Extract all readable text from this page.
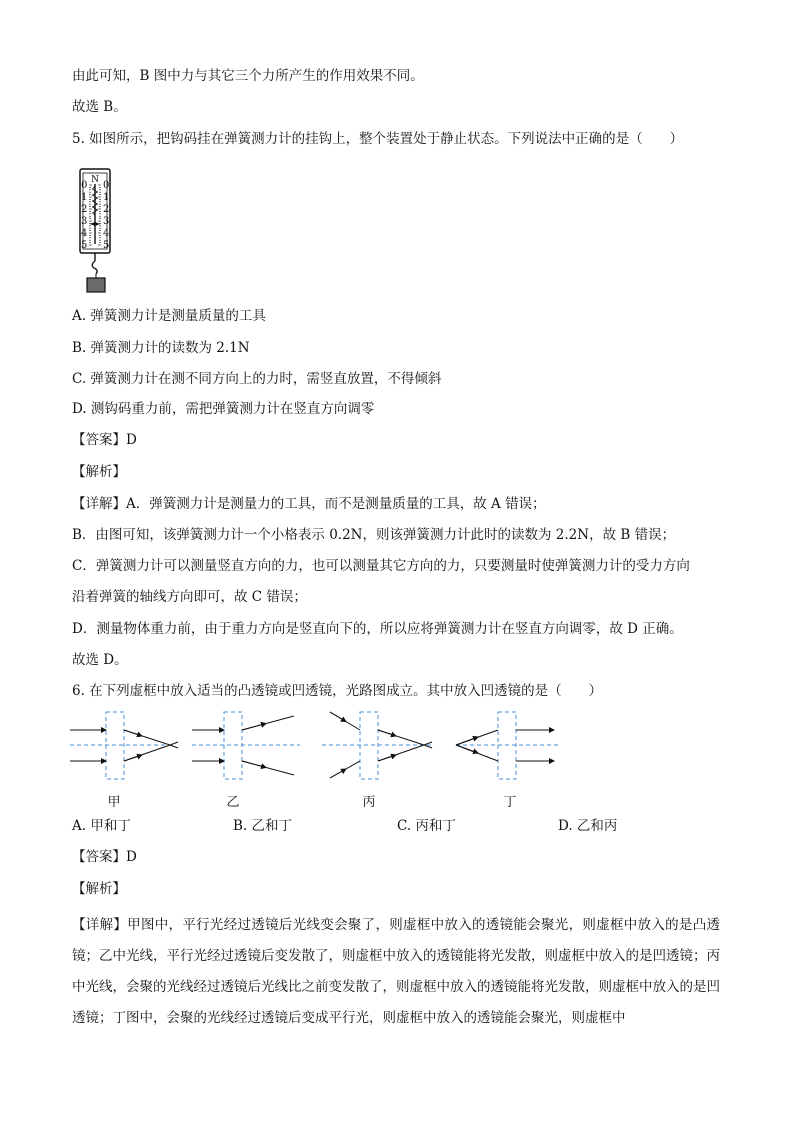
由此可知，B 图中力与其它三个力所产生的作用效果不同。
故选 B。
5. 如图所示，把钩码挂在弹簧测力计的挂钩上，整个装置处于静止状态。下列说法中正确的是（　　）
N
0
1
2
3
4
5
0
1
2
3
4
5
A. 弹簧测力计是测量质量的工具
B. 弹簧测力计的读数为 2.1N
C. 弹簧测力计在测不同方向上的力时，需竖直放置，不得倾斜
D. 测钩码重力前，需把弹簧测力计在竖直方向调零
【答案】D
【解析】
【详解】A．弹簧测力计是测量力的工具，而不是测量质量的工具，故 A 错误；
B．由图可知，该弹簧测力计一个小格表示 0.2N，则该弹簧测力计此时的读数为 2.2N，故 B 错误；
C．弹簧测力计可以测量竖直方向的力，也可以测量其它方向的力，只要测量时使弹簧测力计的受力方向
沿着弹簧的轴线方向即可，故 C 错误；
D．测量物体重力前，由于重力方向是竖直向下的，所以应将弹簧测力计在竖直方向调零，故 D 正确。
故选 D。
6. 在下列虚框中放入适当的凸透镜或凹透镜，光路图成立。其中放入凹透镜的是（　　）
甲	乙	丙	丁
A. 甲和丁	B. 乙和丁	C. 丙和丁	D. 乙和丙
【答案】D
【解析】
【详解】甲图中，平行光经过透镜后光线变会聚了，则虚框中放入的透镜能会聚光，则虚框中放入的是凸透镜；乙中光线，平行光经过透镜后变发散了，则虚框中放入的透镜能将光发散，则虚框中放入的是凹透镜；丙中光线，会聚的光线经过透镜后光线比之前变发散了，则虚框中放入的透镜能将光发散，则虚框中放入的是凹透镜；丁图中，会聚的光线经过透镜后变成平行光，则虚框中放入的透镜能会聚光，则虚框中
